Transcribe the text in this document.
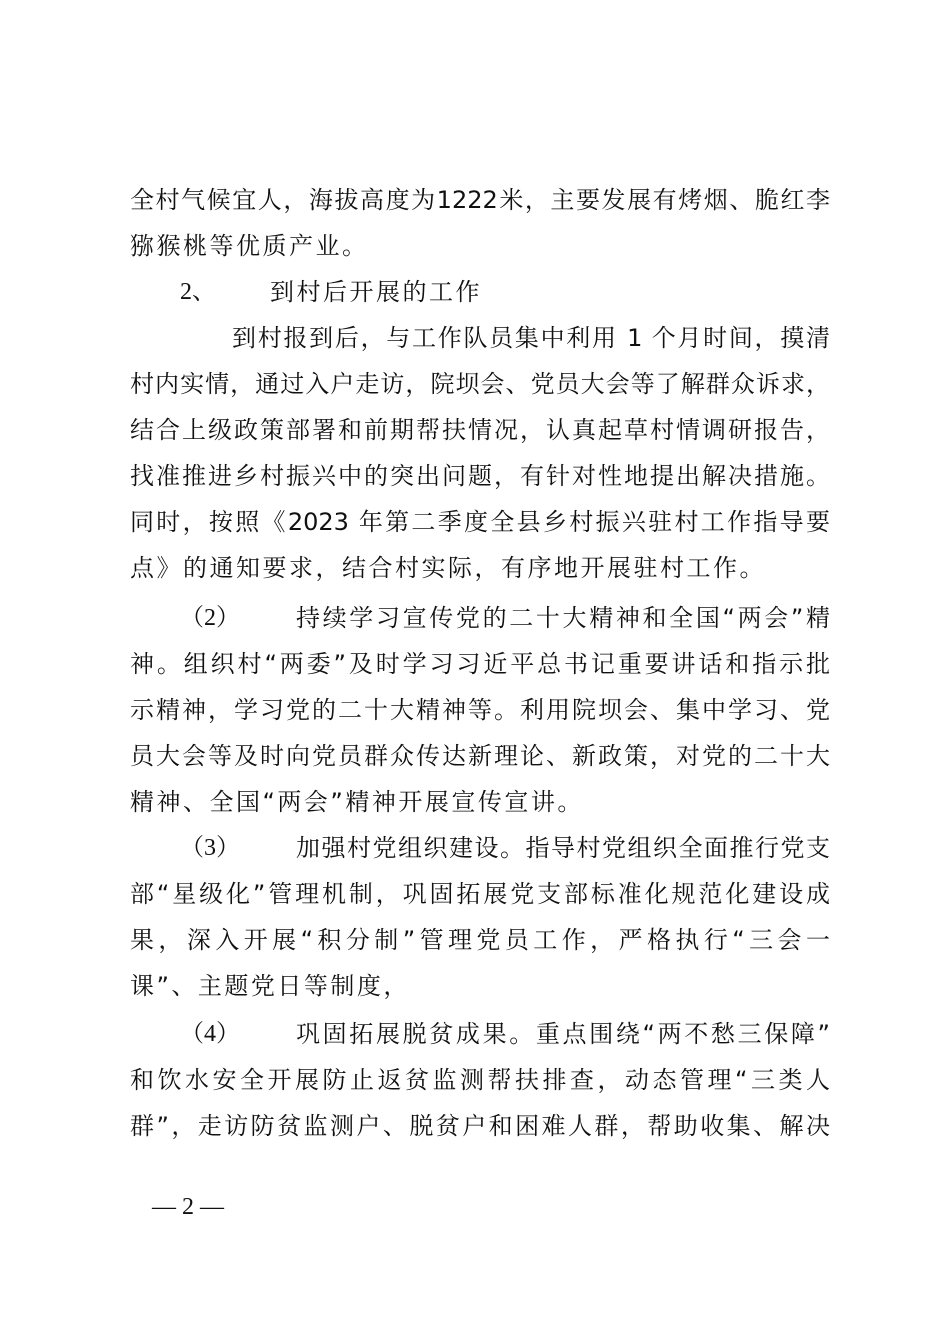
全村气候宜人，海拔高度为1222米，主要发展有烤烟、脆红李
猕猴桃等优质产业。
2、 到村后开展的工作
到村报到后，与工作队员集中利用 1 个月时间，摸清
村内实情，通过入户走访，院坝会、党员大会等了解群众诉求，
结合上级政策部署和前期帮扶情况，认真起草村情调研报告，
找准推进乡村振兴中的突出问题，有针对性地提出解决措施。
同时，按照《2023 年第二季度全县乡村振兴驻村工作指导要
点》的通知要求，结合村实际，有序地开展驻村工作。
（2） 持续学习宣传党的二十大精神和全国“两会”精
神。组织村“两委”及时学习习近平总书记重要讲话和指示批
示精神，学习党的二十大精神等。利用院坝会、集中学习、党
员大会等及时向党员群众传达新理论、新政策，对党的二十大
精神、全国“两会”精神开展宣传宣讲。
（3） 加强村党组织建设。指导村党组织全面推行党支
部“星级化”管理机制，巩固拓展党支部标准化规范化建设成
果，深入开展“积分制”管理党员工作，严格执行“三会一
课”、主题党日等制度，
（4） 巩固拓展脱贫成果。重点围绕“两不愁三保障”
和饮水安全开展防止返贫监测帮扶排查，动态管理“三类人
群”，走访防贫监测户、脱贫户和困难人群，帮助收集、解决
— 2 —
